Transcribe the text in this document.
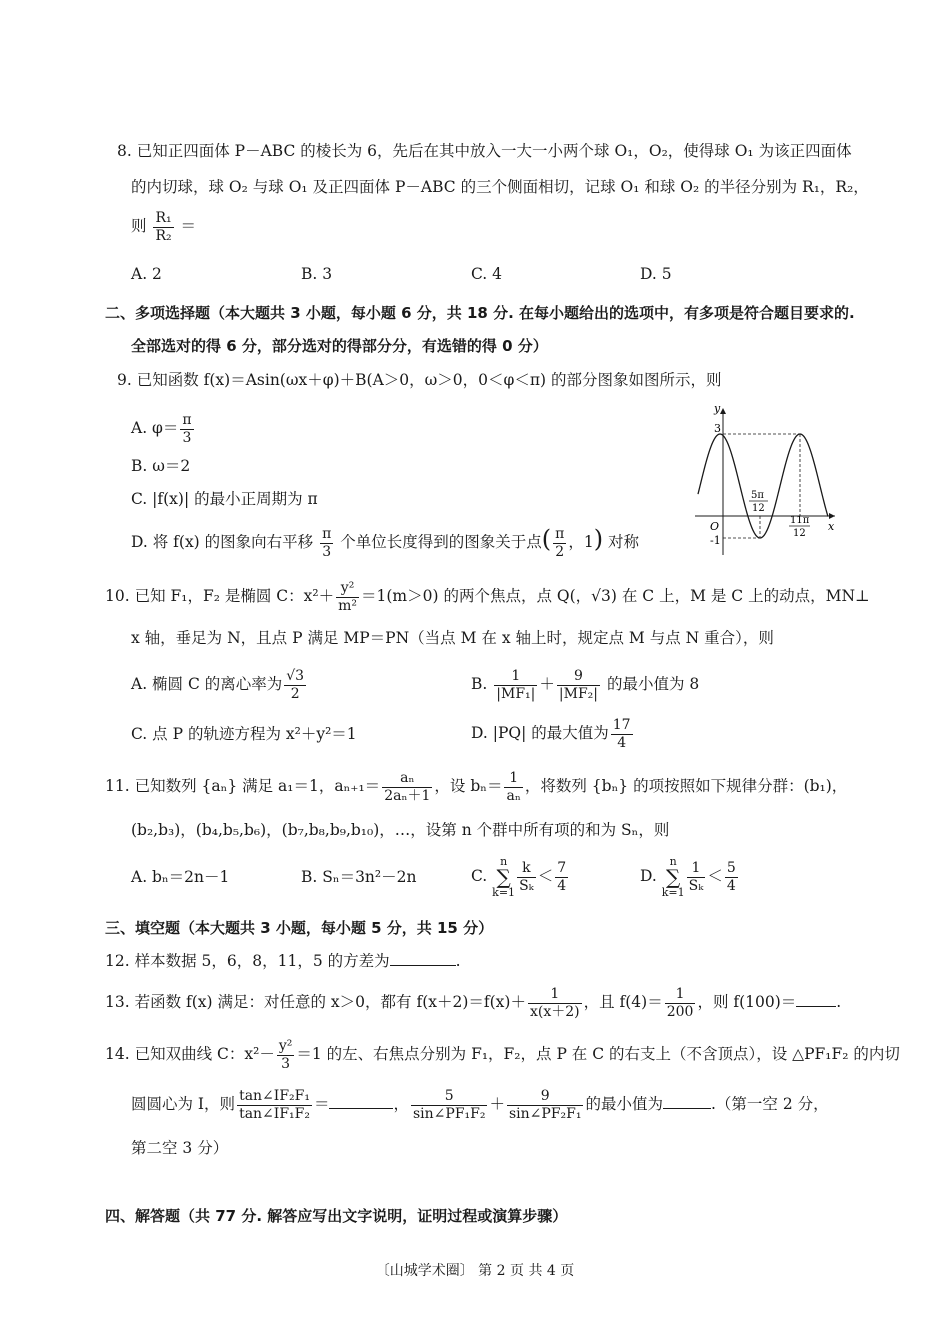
8. 已知正四面体 P－ABC 的棱长为 6，先后在其中放入一大一小两个球 O₁，O₂，使得球 O₁ 为该正四面体
的内切球，球 O₂ 与球 O₁ 及正四面体 P－ABC 的三个侧面相切，记球 O₁ 和球 O₂ 的半径分别为 R₁，R₂，
则 $\frac{\text{R₁}}{\text{R₂}}$ ＝
A. 2	B. 3	C. 4	D. 5
二、多项选择题（本大题共 3 小题，每小题 6 分，共 18 分. 在每小题给出的选项中，有多项是符合题目要求的.
全部选对的得 6 分，部分选对的得部分分，有选错的得 0 分）
9. 已知函数 f(x)＝Asin(ωx＋φ)＋B(A＞0，ω＞0，0＜φ＜π) 的部分图象如图所示，则
A. $\varphi= \frac{\pi}{3}$
B. ω＝2
C. |f(x)| 的最小正周期为 π
D. 将 f(x) 的图象向右平移 $\frac{\pi}{3}$ 个单位长度得到的图象关于点( $\frac{\pi}{2}$ ，1) 对称
y
x
O
3
-1
5π
12
11π
12
10. 已知 F₁，F₂ 是椭圆 C：$x^2+ \frac{\text{y²}}{\text{m²}} =1(m>0)$ 的两个焦点，点 Q(，√3) 在 C 上，M 是 C 上的动点，MN⊥
x 轴，垂足为 N，且点 P 满足 MP＝PN（当点 M 在 x 轴上时，规定点 M 与点 N 重合），则
A. 椭圆 C 的离心率为 $\frac{√3}{2}$	B. $\frac{1}{\text{|MF₁|}} + \frac{9}{\text{|MF₂|}}$ 的最小值为 8
C. 点 P 的轨迹方程为 x²＋y²＝1	D. |PQ| 的最大值为 $\frac{17}{4}$
11. 已知数列 {aₙ} 满足 a₁＝1，$a_{n+1}= \frac{\text{aₙ}}{\text{2aₙ＋1}}$ ，设 $b_n= \frac{1}{\text{aₙ}}$ ，将数列 {bₙ} 的项按照如下规律分群：(b₁)，
(b₂,b₃)，(b₄,b₅,b₆)，(b₇,b₈,b₉,b₁₀)，…，设第 n 个群中所有项的和为 Sₙ，则
A. bₙ＝2n－1	B. Sₙ＝3n²－2n	C. n
∑
$k=1 \frac{k}{\text{Sₖ}} < \frac{7}{4}$	D. n
∑
$k=1 \frac{1}{\text{Sₖ}} < \frac{5}{4}$
三、填空题（本大题共 3 小题，每小题 5 分，共 15 分）
12. 样本数据 5，6，8，11，5 的方差为	.
13. 若函数 f(x) 满足：对任意的 x＞0，都有 $f(x+2)=f(x)+ \frac{1}{x(x+2)}$ ，且 $f(4)= \frac{1}{200}$ ，则 f(100)＝	.
14. 已知双曲线 C：$x^2- \frac{\text{y²}}{3} =1$ 的左、右焦点分别为 F₁，F₂，点 P 在 C 的右支上（不含顶点），设 △PF₁F₂ 的内切
圆圆心为 I，则 $\frac{\text{tan∠IF₂F₁}}{\text{tan∠IF₁F₂}}$ ＝	， $\frac{5}{\text{sin∠PF₁F₂}} + \frac{9}{\text{sin∠PF₂F₁}}$ 的最小值为	.（第一空 2 分，
第二空 3 分）
四、解答题（共 77 分. 解答应写出文字说明，证明过程或演算步骤）
〔山城学术圈〕 第 2 页 共 4 页
